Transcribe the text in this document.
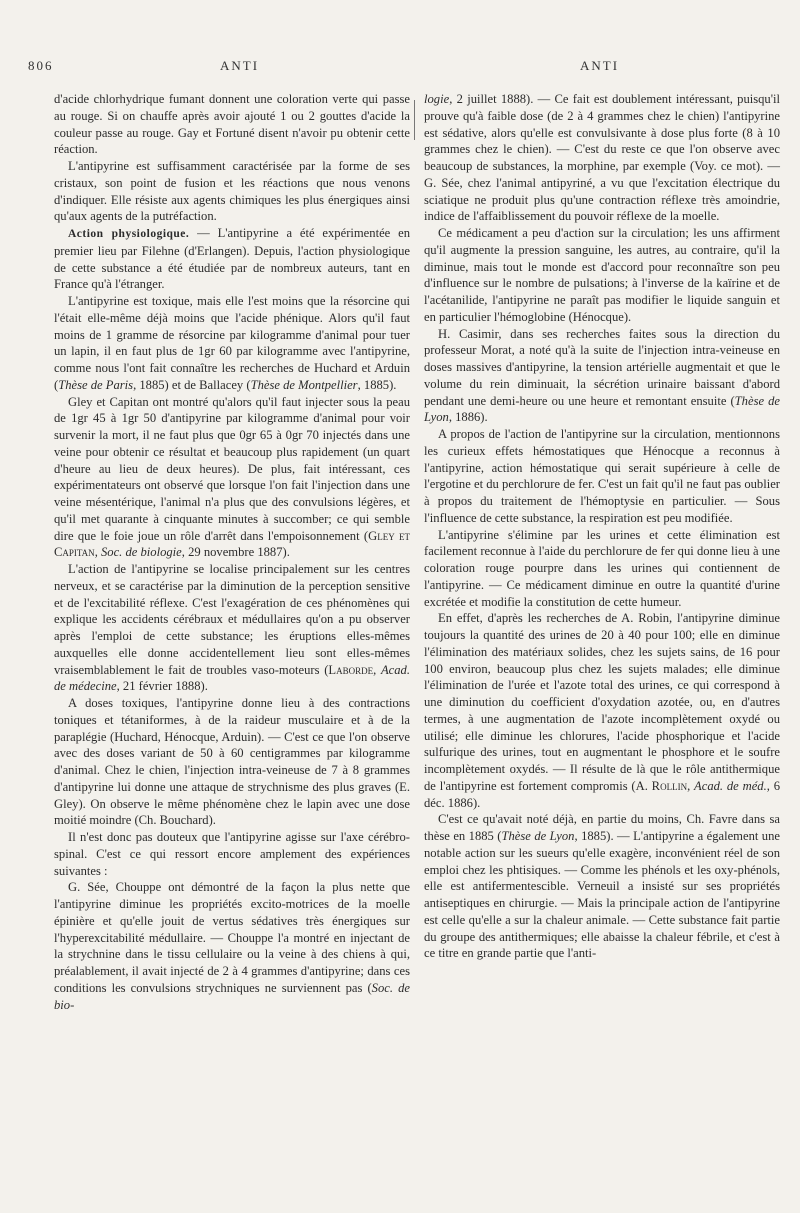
806	ANTI	ANTI

d'acide chlorhydrique fumant donnent une coloration verte qui passe au rouge. Si on chauffe après avoir ajouté 1 ou 2 gouttes d'acide la couleur passe au rouge. Gay et Fortuné disent n'avoir pu obtenir cette réaction.

L'antipyrine est suffisamment caractérisée par la forme de ses cristaux, son point de fusion et les réactions que nous venons d'indiquer. Elle résiste aux agents chimiques les plus énergiques ainsi qu'aux agents de la putréfaction.

Action physiologique. — L'antipyrine a été expérimentée en premier lieu par Filehne (d'Erlangen). Depuis, l'action physiologique de cette substance a été étudiée par de nombreux auteurs, tant en France qu'à l'étranger.

L'antipyrine est toxique, mais elle l'est moins que la résorcine qui l'était elle-même déjà moins que l'acide phénique. Alors qu'il faut moins de 1 gramme de résorcine par kilogramme d'animal pour tuer un lapin, il en faut plus de 1gr 60 par kilogramme avec l'antipyrine, comme nous l'ont fait connaître les recherches de Huchard et Arduin (Thèse de Paris, 1885) et de Ballacey (Thèse de Montpellier, 1885).

Gley et Capitan ont montré qu'alors qu'il faut injecter sous la peau de 1gr 45 à 1gr 50 d'antipyrine par kilogramme d'animal pour voir survenir la mort, il ne faut plus que 0gr 65 à 0gr 70 injectés dans une veine pour obtenir ce résultat et beaucoup plus rapidement (un quart d'heure au lieu de deux heures). De plus, fait intéressant, ces expérimentateurs ont observé que lorsque l'on fait l'injection dans une veine mésentérique, l'animal n'a plus que des convulsions légères, et qu'il met quarante à cinquante minutes à succomber; ce qui semble dire que le foie joue un rôle d'arrêt dans l'empoisonnement (Gley et Capitan, Soc. de biologie, 29 novembre 1887).

L'action de l'antipyrine se localise principalement sur les centres nerveux, et se caractérise par la diminution de la perception sensitive et de l'excitabilité réflexe. C'est l'exagération de ces phénomènes qui explique les accidents cérébraux et médullaires qu'on a pu observer après l'emploi de cette substance; les éruptions elles-mêmes auxquelles elle donne accidentellement lieu sont elles-mêmes vraisemblablement le fait de troubles vaso-moteurs (Laborde, Acad. de médecine, 21 février 1888).

A doses toxiques, l'antipyrine donne lieu à des contractions toniques et tétaniformes, à de la raideur musculaire et à de la paraplégie (Huchard, Hénocque, Arduin). — C'est ce que l'on observe avec des doses variant de 50 à 60 centigrammes par kilogramme d'animal. Chez le chien, l'injection intra-veineuse de 7 à 8 grammes d'antipyrine lui donne une attaque de strychnisme des plus graves (E. Gley). On observe le même phénomène chez le lapin avec une dose moitié moindre (Ch. Bouchard).

Il n'est donc pas douteux que l'antipyrine agisse sur l'axe cérébro-spinal. C'est ce qui ressort encore amplement des expériences suivantes :

G. Sée, Chouppe ont démontré de la façon la plus nette que l'antipyrine diminue les propriétés excito-motrices de la moelle épinière et qu'elle jouit de vertus sédatives très énergiques sur l'hyperexcitabilité médullaire. — Chouppe l'a montré en injectant de la strychnine dans le tissu cellulaire ou la veine à des chiens à qui, préalablement, il avait injecté de 2 à 4 grammes d'antipyrine; dans ces conditions les convulsions strychniques ne surviennent pas (Soc. de bio-

logie, 2 juillet 1888). — Ce fait est doublement intéressant, puisqu'il prouve qu'à faible dose (de 2 à 4 grammes chez le chien) l'antipyrine est sédative, alors qu'elle est convulsivante à dose plus forte (8 à 10 grammes chez le chien). — C'est du reste ce que l'on observe avec beaucoup de substances, la morphine, par exemple (Voy. ce mot). — G. Sée, chez l'animal antipyriné, a vu que l'excitation électrique du sciatique ne produit plus qu'une contraction réflexe très amoindrie, indice de l'affaiblissement du pouvoir réflexe de la moelle.

Ce médicament a peu d'action sur la circulation; les uns affirment qu'il augmente la pression sanguine, les autres, au contraire, qu'il la diminue, mais tout le monde est d'accord pour reconnaître son peu d'influence sur le nombre de pulsations; à l'inverse de la kaïrine et de l'acétanilide, l'antipyrine ne paraît pas modifier le liquide sanguin et en particulier l'hémoglobine (Hénocque).

H. Casimir, dans ses recherches faites sous la direction du professeur Morat, a noté qu'à la suite de l'injection intra-veineuse en doses massives d'antipyrine, la tension artérielle augmentait et que le volume du rein diminuait, la sécrétion urinaire baissant d'abord pendant une demi-heure ou une heure et remontant ensuite (Thèse de Lyon, 1886).

A propos de l'action de l'antipyrine sur la circulation, mentionnons les curieux effets hémostatiques que Hénocque a reconnus à l'antipyrine, action hémostatique qui serait supérieure à celle de l'ergotine et du perchlorure de fer. C'est un fait qu'il ne faut pas oublier à propos du traitement de l'hémoptysie en particulier. — Sous l'influence de cette substance, la respiration est peu modifiée.

L'antipyrine s'élimine par les urines et cette élimination est facilement reconnue à l'aide du perchlorure de fer qui donne lieu à une coloration rouge pourpre dans les urines qui contiennent de l'antipyrine. — Ce médicament diminue en outre la quantité d'urine excrétée et modifie la constitution de cette humeur.

En effet, d'après les recherches de A. Robin, l'antipyrine diminue toujours la quantité des urines de 20 à 40 pour 100; elle en diminue l'élimination des matériaux solides, chez les sujets sains, de 16 pour 100 environ, beaucoup plus chez les sujets malades; elle diminue l'élimination de l'urée et l'azote total des urines, ce qui correspond à une diminution du coefficient d'oxydation azotée, ou, en d'autres termes, à une augmentation de l'azote incomplètement oxydé ou utilisé; elle diminue les chlorures, l'acide phosphorique et l'acide sulfurique des urines, tout en augmentant le phosphore et le soufre incomplètement oxydés. — Il résulte de là que le rôle antithermique de l'antipyrine est fortement compromis (A. Rollin, Acad. de méd., 6 déc. 1886).

C'est ce qu'avait noté déjà, en partie du moins, Ch. Favre dans sa thèse en 1885 (Thèse de Lyon, 1885). — L'antipyrine a également une notable action sur les sueurs qu'elle exagère, inconvénient réel de son emploi chez les phtisiques. — Comme les phénols et les oxy-phénols, elle est antifermentescible. Verneuil a insisté sur ses propriétés antiseptiques en chirurgie. — Mais la principale action de l'antipyrine est celle qu'elle a sur la chaleur animale. — Cette substance fait partie du groupe des antithermiques; elle abaisse la chaleur fébrile, et c'est à ce titre en grande partie que l'anti-
